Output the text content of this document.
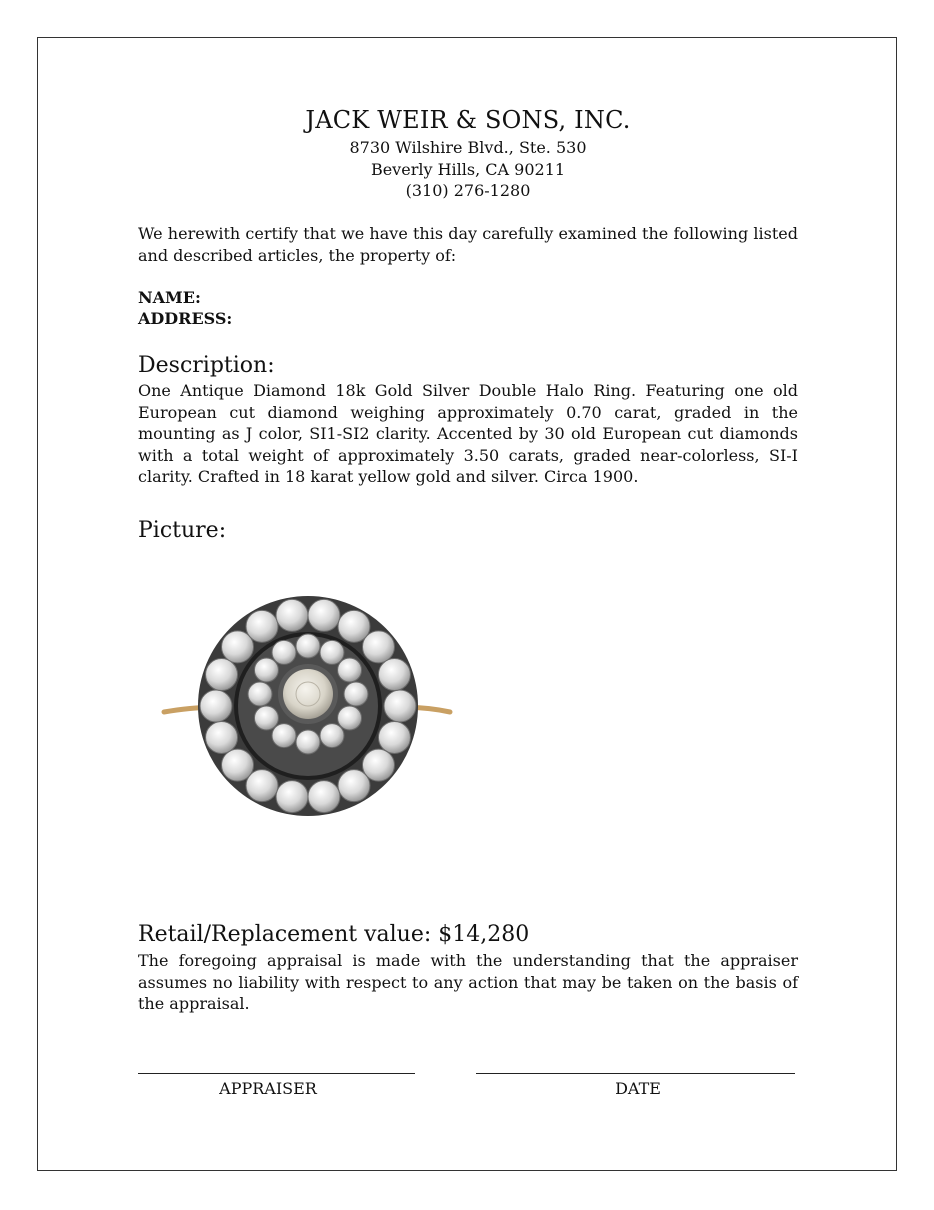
JACK WEIR & SONS, INC.
8730 Wilshire Blvd., Ste. 530
Beverly Hills, CA 90211
(310) 276-1280
We herewith certify that we have this day carefully examined the following listed and described articles, the property of:
NAME:
ADDRESS:
Description:
One Antique Diamond 18k Gold Silver Double Halo Ring. Featuring one old European cut diamond weighing approximately 0.70 carat, graded in the mounting as J color, SI1-SI2 clarity. Accented by 30 old European cut diamonds with a total weight of approximately 3.50 carats, graded near-colorless, SI-I clarity. Crafted in 18 karat yellow gold and silver. Circa 1900.
Picture:
Retail/Replacement value: $14,280
The foregoing appraisal is made with the understanding that the appraiser assumes no liability with respect to any action that may be taken on the basis of the appraisal.
APPRAISER	DATE
